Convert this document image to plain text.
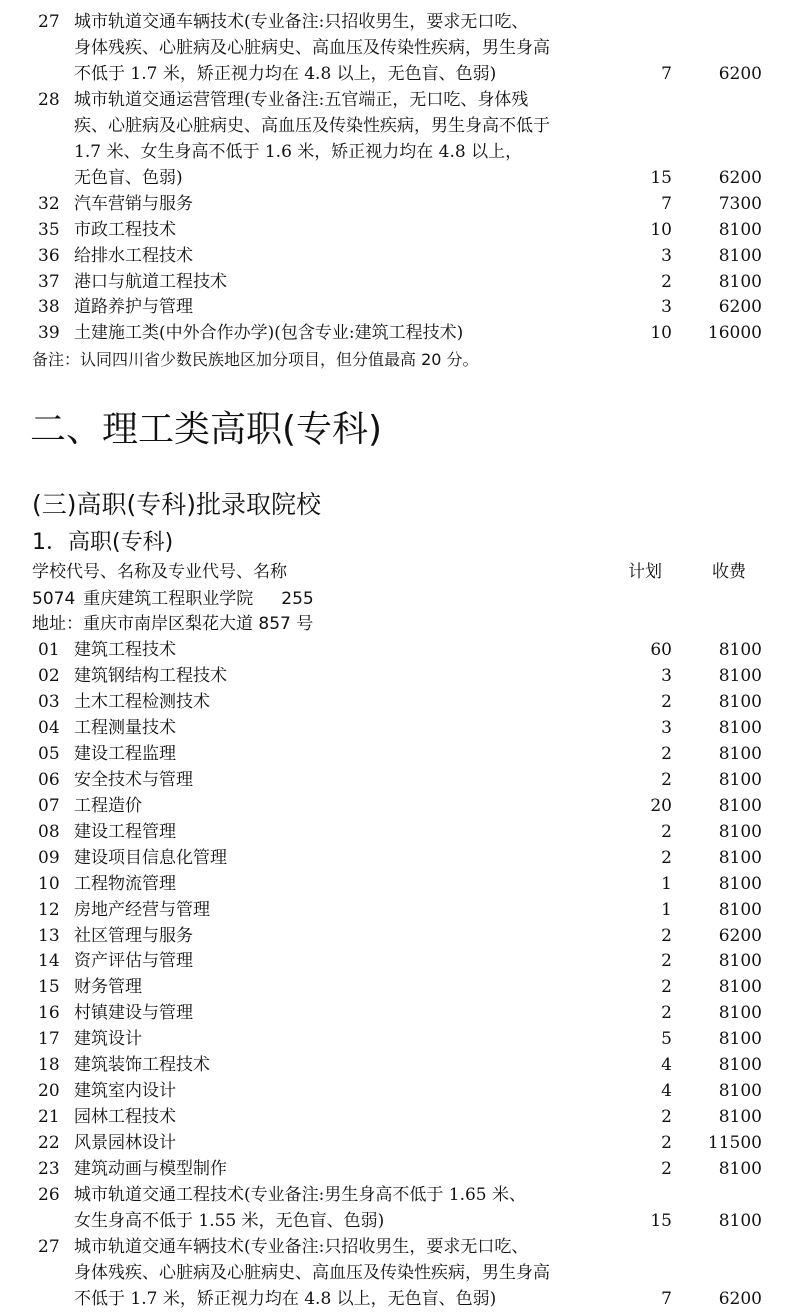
27 城市轨道交通车辆技术(专业备注:只招收男生，要求无口吃、
身体残疾、心脏病及心脏病史、高血压及传染性疾病，男生身高
不低于 1.7 米，矫正视力均在 4.8 以上，无色盲、色弱)	7	6200
28 城市轨道交通运营管理(专业备注:五官端正，无口吃、身体残
疾、心脏病及心脏病史、高血压及传染性疾病，男生身高不低于
1.7 米、女生身高不低于 1.6 米，矫正视力均在 4.8 以上，
无色盲、色弱)	15	6200
32 汽车营销与服务	7	7300
35 市政工程技术	10	8100
36 给排水工程技术	3	8100
37 港口与航道工程技术	2	8100
38 道路养护与管理	3	6200
39 土建施工类(中外合作办学)(包含专业:建筑工程技术)	10	16000
备注：认同四川省少数民族地区加分项目，但分值最高 20 分。
二、理工类高职(专科)
(三)高职(专科)批录取院校
1．高职(专科)
学校代号、名称及专业代号、名称	计划	收费
5074 重庆建筑工程职业学院 255
地址：重庆市南岸区梨花大道 857 号
01 建筑工程技术	60	8100
02 建筑钢结构工程技术	3	8100
03 土木工程检测技术	2	8100
04 工程测量技术	3	8100
05 建设工程监理	2	8100
06 安全技术与管理	2	8100
07 工程造价	20	8100
08 建设工程管理	2	8100
09 建设项目信息化管理	2	8100
10 工程物流管理	1	8100
12 房地产经营与管理	1	8100
13 社区管理与服务	2	6200
14 资产评估与管理	2	8100
15 财务管理	2	8100
16 村镇建设与管理	2	8100
17 建筑设计	5	8100
18 建筑装饰工程技术	4	8100
20 建筑室内设计	4	8100
21 园林工程技术	2	8100
22 风景园林设计	2	11500
23 建筑动画与模型制作	2	8100
26 城市轨道交通工程技术(专业备注:男生身高不低于 1.65 米、
女生身高不低于 1.55 米，无色盲、色弱)	15	8100
27 城市轨道交通车辆技术(专业备注:只招收男生，要求无口吃、
身体残疾、心脏病及心脏病史、高血压及传染性疾病，男生身高
不低于 1.7 米，矫正视力均在 4.8 以上，无色盲、色弱)	7	6200
